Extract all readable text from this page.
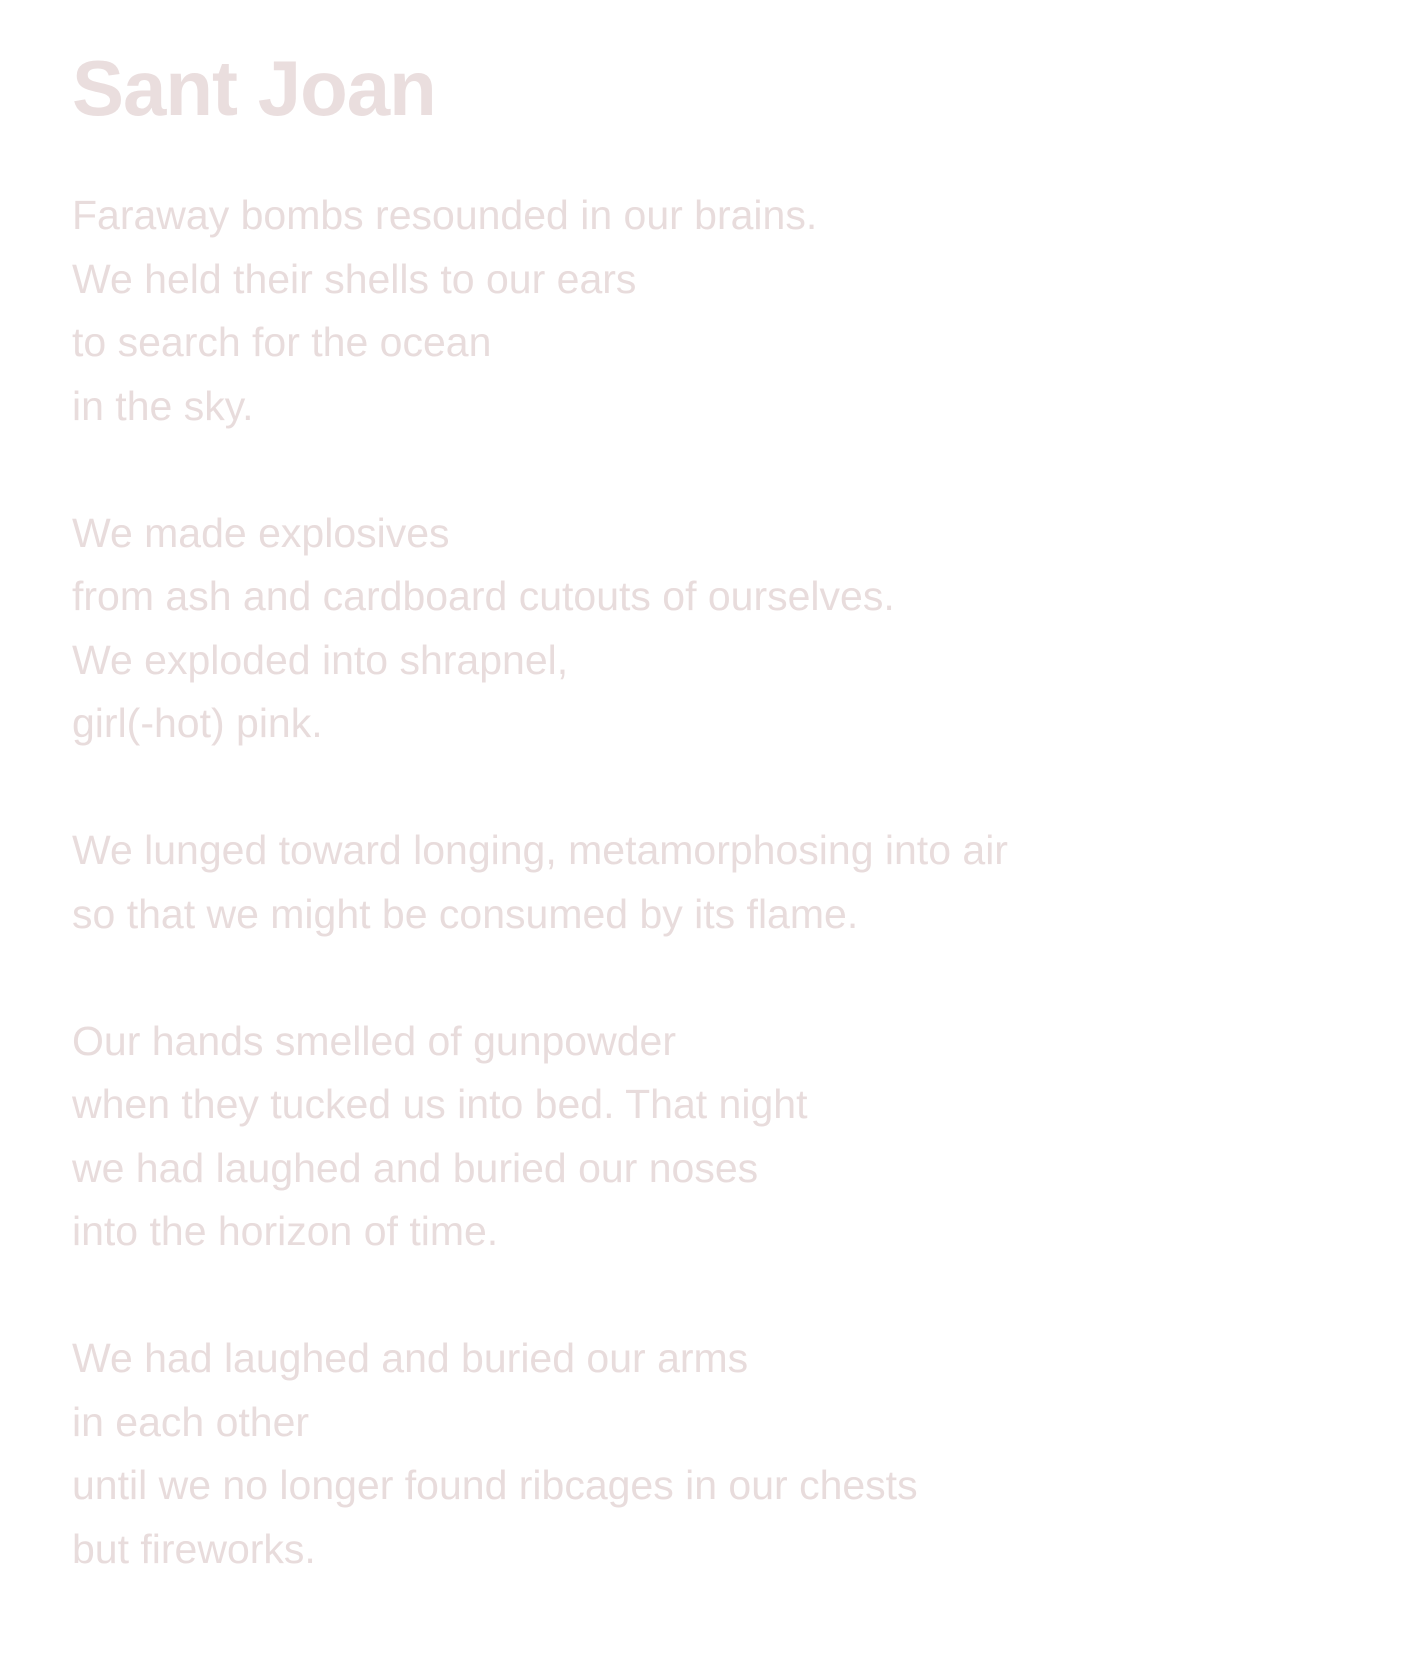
Sant Joan
Faraway bombs resounded in our brains.
We held their shells to our ears
to search for the ocean
in the sky.
We made explosives
from ash and cardboard cutouts of ourselves.
We exploded into shrapnel,
girl(-hot) pink.
We lunged toward longing, metamorphosing into air
so that we might be consumed by its flame.
Our hands smelled of gunpowder
when they tucked us into bed. That night
we had laughed and buried our noses
into the horizon of time.
We had laughed and buried our arms
in each other
until we no longer found ribcages in our chests
but fireworks.
